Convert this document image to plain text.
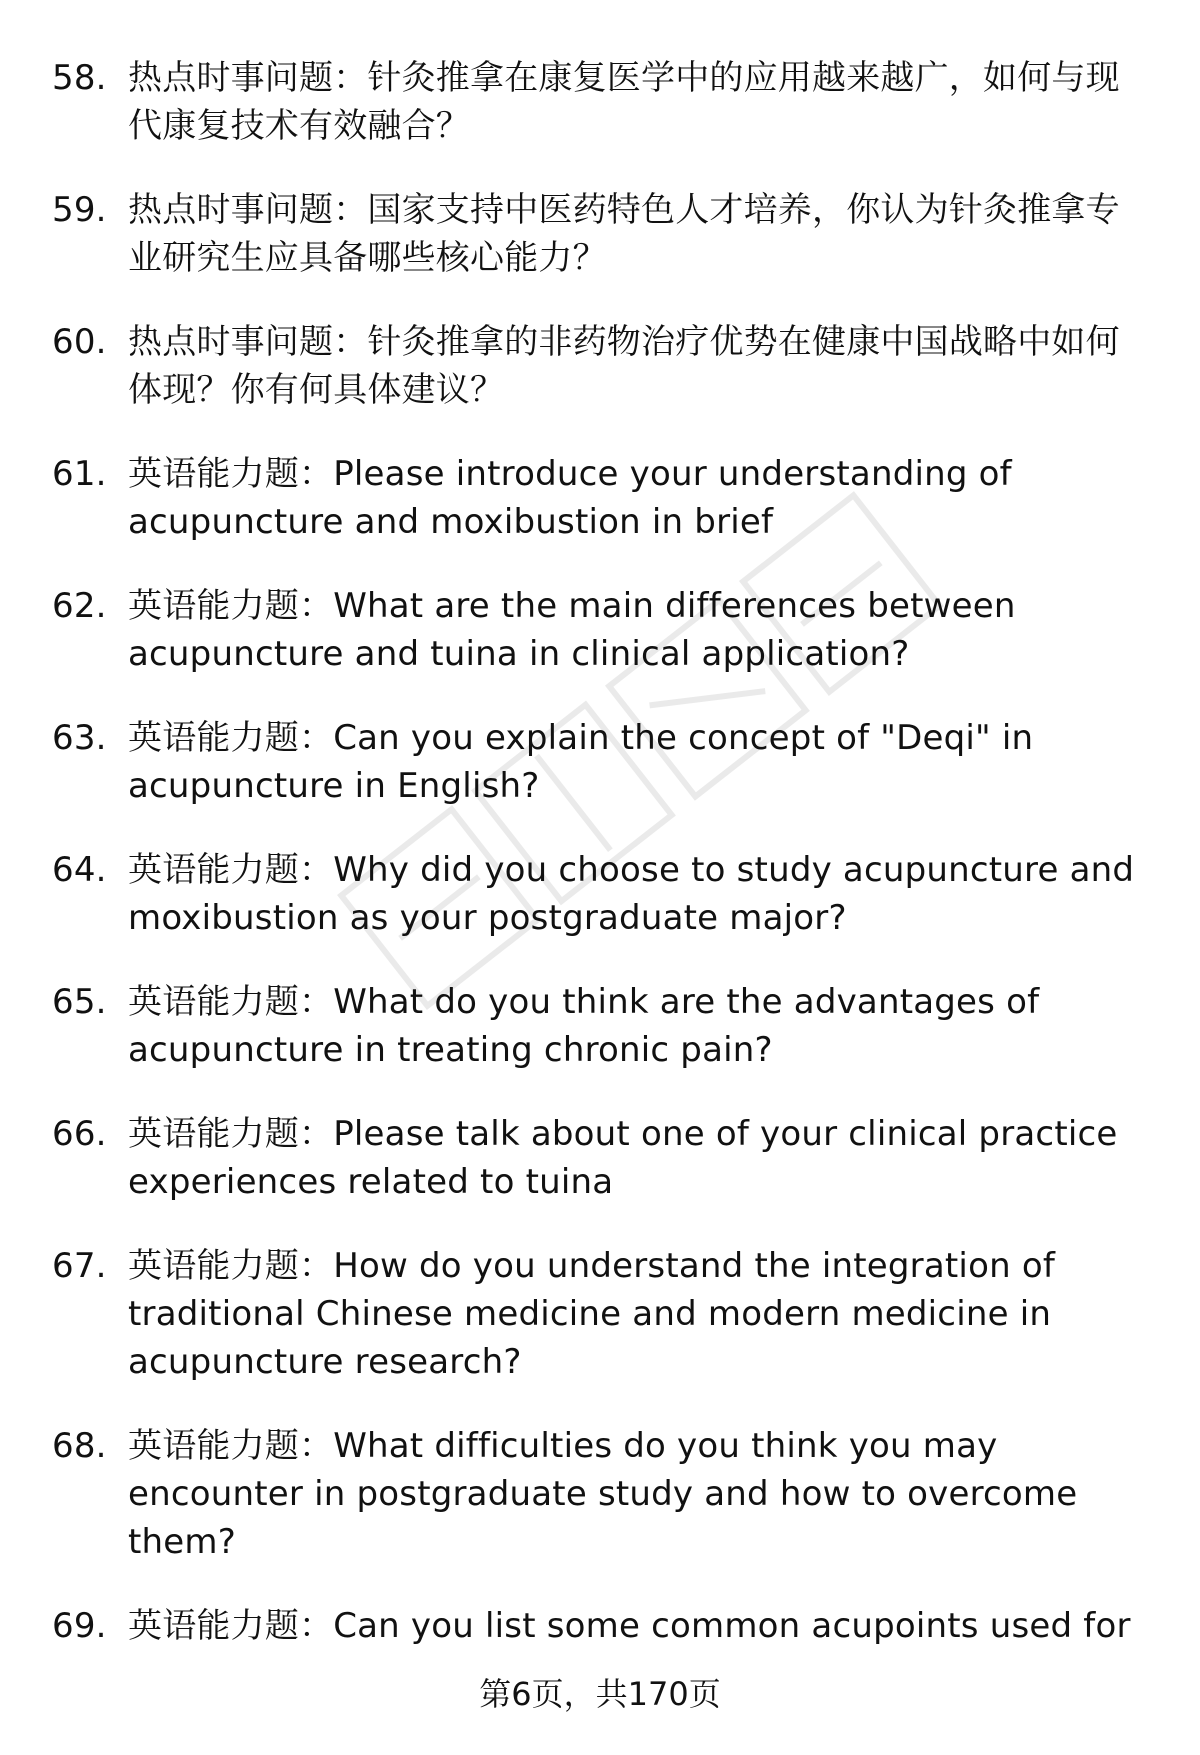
58. 热点时事问题：针灸推拿在康复医学中的应用越来越广，如何与现代康复技术有效融合？
59. 热点时事问题：国家支持中医药特色人才培养，你认为针灸推拿专业研究生应具备哪些核心能力？
60. 热点时事问题：针灸推拿的非药物治疗优势在健康中国战略中如何体现？你有何具体建议？
61. 英语能力题：Please introduce your understanding of acupuncture and moxibustion in brief
62. 英语能力题：What are the main differences between acupuncture and tuina in clinical application?
63. 英语能力题：Can you explain the concept of "Deqi" in acupuncture in English?
64. 英语能力题：Why did you choose to study acupuncture and moxibustion as your postgraduate major?
65. 英语能力题：What do you think are the advantages of acupuncture in treating chronic pain?
66. 英语能力题：Please talk about one of your clinical practice experiences related to tuina
67. 英语能力题：How do you understand the integration of traditional Chinese medicine and modern medicine in acupuncture research?
68. 英语能力题：What difficulties do you think you may encounter in postgraduate study and how to overcome them?
69. 英语能力题：Can you list some common acupoints used for
第6页，共170页
